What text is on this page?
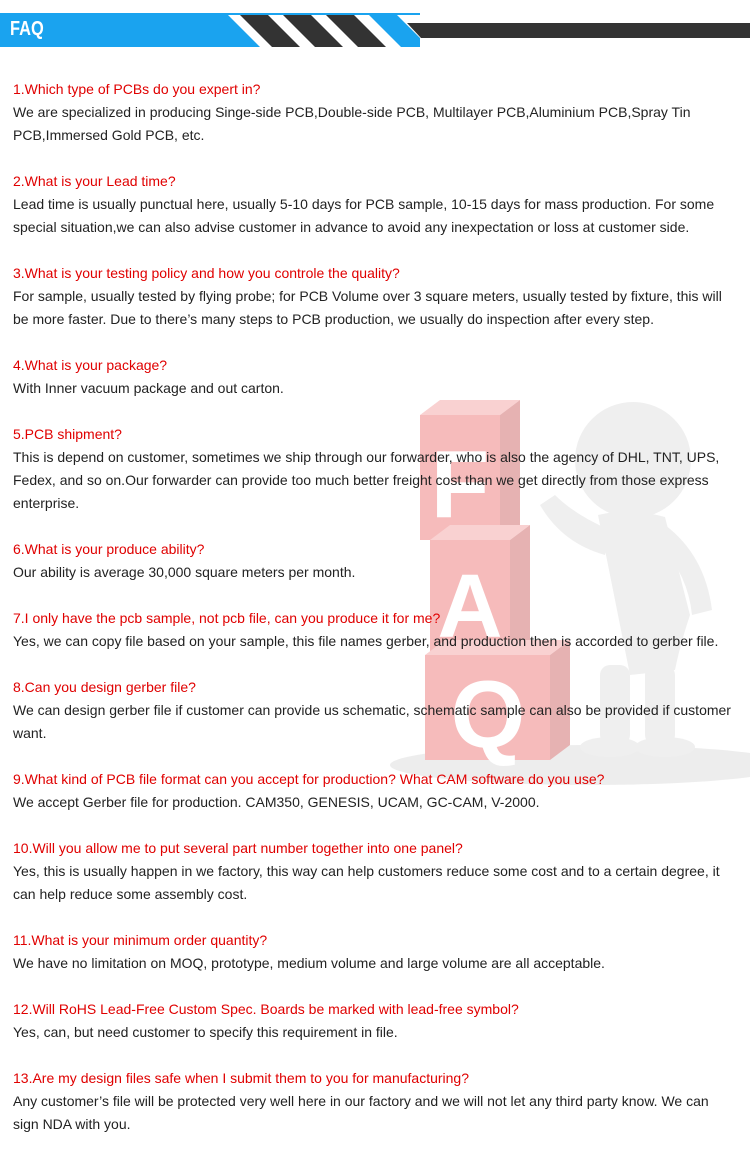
FAQ
F
A
Q

1.Which type of PCBs do you expert in?

We are specialized in producing Singe-side PCB,Double-side PCB, Multilayer PCB,Aluminium PCB,Spray Tin PCB,Immersed Gold PCB, etc.

2.What is your Lead time?

Lead time is usually punctual here, usually 5-10 days for PCB sample, 10-15 days for mass production. For some special situation,we can also advise customer in advance to avoid any inexpectation or loss at customer side.

3.What is your testing policy and how you controle the quality?

For sample, usually tested by flying probe; for PCB Volume over 3 square meters, usually tested by fixture, this will be more faster. Due to there’s many steps to PCB production, we usually do inspection after every step.

4.What is your package?

With Inner vacuum package and out carton.

5.PCB shipment?

This is depend on customer, sometimes we ship through our forwarder, who is also the agency of DHL, TNT, UPS, Fedex, and so on.Our forwarder can provide too much better freight cost than we get directly from those express enterprise.

6.What is your produce ability?

Our ability is average 30,000 square meters per month.

7.I only have the pcb sample, not pcb file, can you produce it for me?

Yes, we can copy file based on your sample, this file names gerber, and production then is accorded to gerber file.

8.Can you design gerber file?

We can design gerber file if customer can provide us schematic, schematic sample can also be provided if customer want.

9.What kind of PCB file format can you accept for production? What CAM software do you use?

We accept Gerber file for production. CAM350, GENESIS, UCAM, GC-CAM, V-2000.

10.Will you allow me to put several part number together into one panel?

Yes, this is usually happen in we factory, this way can help customers reduce some cost and to a certain degree, it can help reduce some assembly cost.

11.What is your minimum order quantity?

We have no limitation on MOQ, prototype, medium volume and large volume are all acceptable.

12.Will RoHS Lead-Free Custom Spec. Boards be marked with lead-free symbol?

Yes, can, but need customer to specify this requirement in file.

13.Are my design files safe when I submit them to you for manufacturing?

Any customer’s file will be protected very well here in our factory and we will not let any third party know. We can sign NDA with you.
